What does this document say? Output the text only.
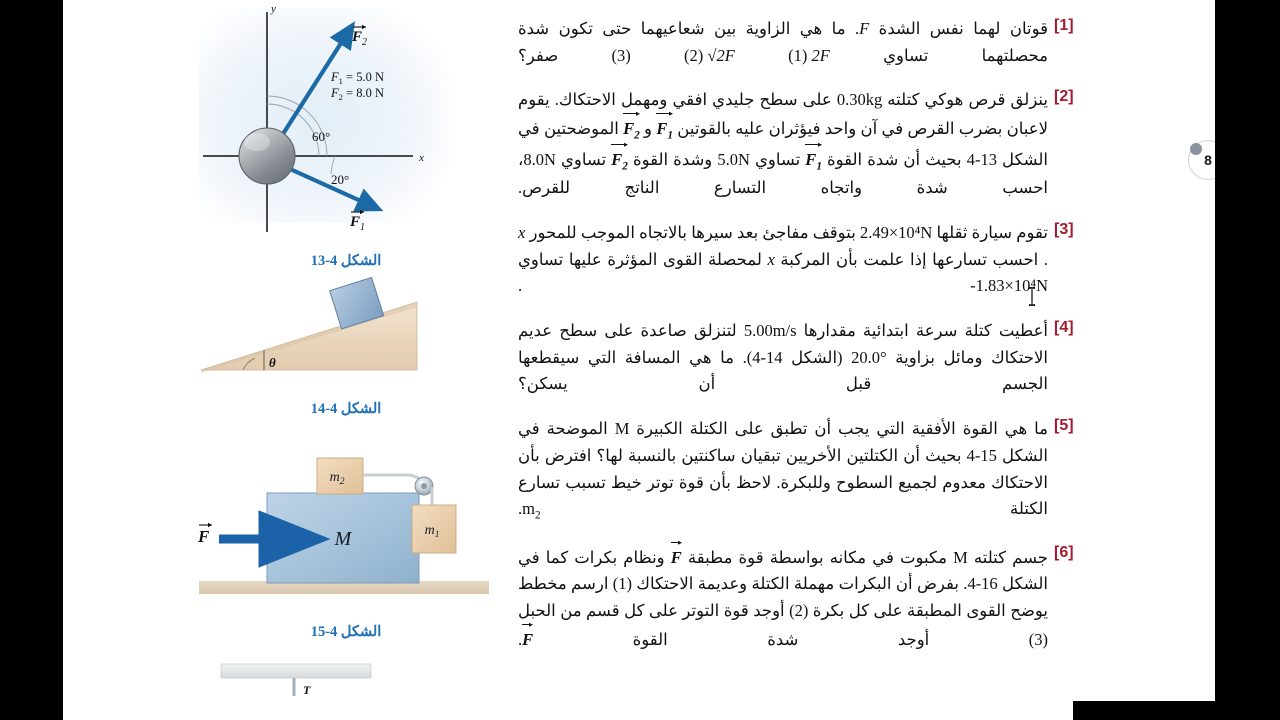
x
y
F 2
F 1
$F_1 = 5.0$ N
$F_2 = 8.0$ N
60°
20°
الشكل 4-13
θ
الشكل 4-14
M
$m_2$
$m_1$
F
الشكل 4-15
T
قوتان لهما نفس الشدة F. ما هي الزاوية بين شعاعيهما حتى تكون شدة محصلتهما تساوي (1) 2F (2) √2F (3) صفر؟
[1]
ينزلق قرص هوكي كتلته 0.30kg على سطح جليدي افقي ومهمل الاحتكاك. يقوم لاعبان بضرب القرص في آن واحد فيؤثران عليه بالقوتين $F_1$ و $F_2$ الموضحتين في الشكل 4-13 بحيث أن شدة القوة $F_1$ تساوي 5.0N وشدة القوة $F_2$ تساوي 8.0N، احسب شدة واتجاه التسارع الناتج للقرص.
[2]
تقوم سيارة ثقلها 2.49×10⁴N بتوقف مفاجئ بعد سيرها بالاتجاه الموجب للمحور x. احسب تسارعها إذا علمت بأن المركبة x لمحصلة القوى المؤثرة عليها تساوي -1.83×10⁴N .
[3]
أعطيت كتلة سرعة ابتدائية مقدارها 5.00m/s لتنزلق صاعدة على سطح عديم الاحتكاك ومائل بزاوية 20.0° (الشكل 4-14). ما هي المسافة التي سيقطعها الجسم قبل أن يسكن؟
[4]
ما هي القوة الأفقية التي يجب أن تطبق على الكتلة الكبيرة M الموضحة في الشكل 4-15 بحيث أن الكتلتين الأخريين تبقيان ساكنتين بالنسبة لها؟ افترض بأن الاحتكاك معدوم لجميع السطوح وللبكرة. لاحظ بأن قوة توتر خيط تسبب تسارع الكتلة $m_2$.
[5]
جسم كتلته M مكبوت في مكانه بواسطة قوة مطبقة F ونظام بكرات كما في الشكل 4-16. بفرض أن البكرات مهملة الكتلة وعديمة الاحتكاك (1) ارسم مخطط يوضح القوى المطبقة على كل بكرة (2) أوجد قوة التوتر على كل قسم من الحبل (3) أوجد شدة القوة F.
[6]
8
